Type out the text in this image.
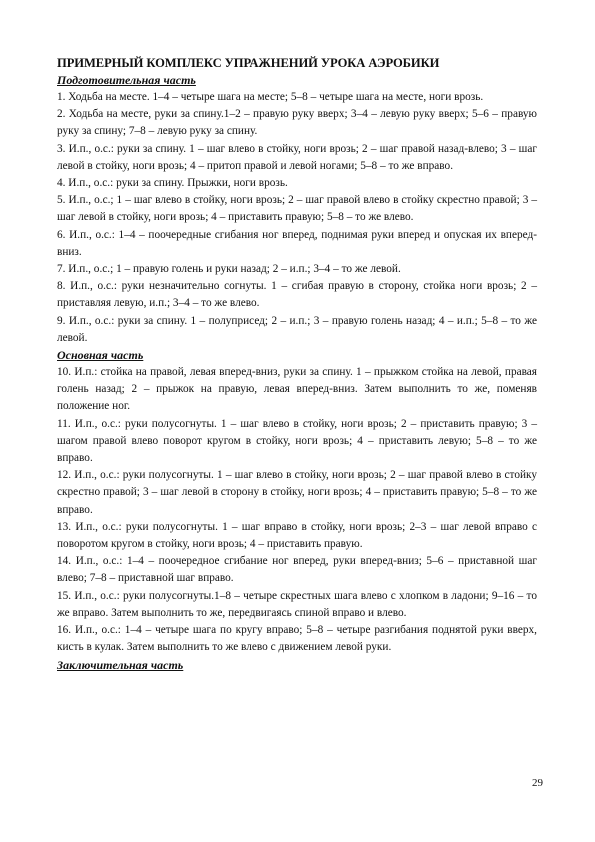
ПРИМЕРНЫЙ КОМПЛЕКС УПРАЖНЕНИЙ УРОКА АЭРОБИКИ
Подготовительная часть

1. Ходьба на месте. 1–4 – четыре шага на месте; 5–8 – четыре шага на месте, ноги врозь.

2. Ходьба на месте, руки за спину.1–2 – правую руку вверх; 3–4 – левую руку вверх; 5–6 – правую руку за спину; 7–8 – левую руку за спину.

3. И.п., о.с.: руки за спину. 1 – шаг влево в стойку, ноги врозь; 2 – шаг правой назад-влево; 3 – шаг левой в стойку, ноги врозь; 4 – притоп правой и левой ногами; 5–8 – то же вправо.

4. И.п., о.с.: руки за спину. Прыжки, ноги врозь.

5. И.п., о.с.; 1 – шаг влево в стойку, ноги врозь; 2 – шаг правой влево в стойку скрестно правой; 3 – шаг левой в стойку, ноги врозь; 4 – приставить правую; 5–8 – то же влево.

6. И.п., о.с.: 1–4 – поочередные сгибания ног вперед, поднимая руки вперед и опуская их вперед-вниз.

7. И.п., о.с.; 1 – правую голень и руки назад; 2 – и.п.; 3–4 – то же левой.

8. И.п., о.с.: руки незначительно согнуты. 1 – сгибая правую в сторону, стойка ноги врозь; 2 – приставляя левую, и.п.; 3–4 – то же влево.

9. И.п., о.с.: руки за спину. 1 – полуприсед; 2 – и.п.; 3 – правую голень назад; 4 – и.п.; 5–8 – то же левой.

Основная часть

10. И.п.: стойка на правой, левая вперед-вниз, руки за спину. 1 – прыжком стойка на левой, правая голень назад; 2 – прыжок на правую, левая вперед-вниз. Затем выполнить то же, поменяв положение ног.

11. И.п., о.с.: руки полусогнуты. 1 – шаг влево в стойку, ноги врозь; 2 – приставить правую; 3 – шагом правой влево поворот кругом в стойку, ноги врозь; 4 – приставить левую; 5–8 – то же вправо.

12. И.п., о.с.: руки полусогнуты. 1 – шаг влево в стойку, ноги врозь; 2 – шаг правой влево в стойку скрестно правой; 3 – шаг левой в сторону в стойку, ноги врозь; 4 – приставить правую; 5–8 – то же вправо.

13. И.п., о.с.: руки полусогнуты. 1 – шаг вправо в стойку, ноги врозь; 2–3 – шаг левой вправо с поворотом кругом в стойку, ноги врозь; 4 – приставить правую.

14. И.п., о.с.: 1–4 – поочередное сгибание ног вперед, руки вперед-вниз; 5–6 – приставной шаг влево; 7–8 – приставной шаг вправо.

15. И.п., о.с.: руки полусогнуты.1–8 – четыре скрестных шага влево с хлопком в ладони; 9–16 – то же вправо. Затем выполнить то же, передвигаясь спиной вправо и влево.

16. И.п., о.с.: 1–4 – четыре шага по кругу вправо; 5–8 – четыре разгибания поднятой руки вверх, кисть в кулак. Затем выполнить то же влево с движением левой руки.

Заключительная часть
29
